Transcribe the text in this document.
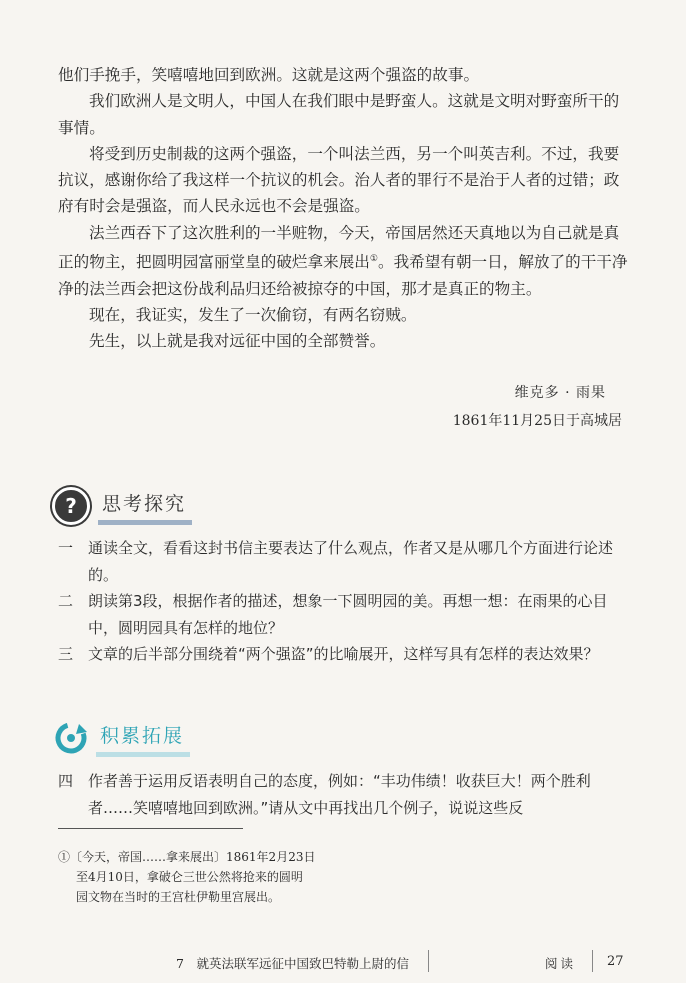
他们手挽手，笑嘻嘻地回到欧洲。这就是这两个强盗的故事。

我们欧洲人是文明人，中国人在我们眼中是野蛮人。这就是文明对野蛮所干的事情。

将受到历史制裁的这两个强盗，一个叫法兰西，另一个叫英吉利。不过，我要抗议，感谢你给了我这样一个抗议的机会。治人者的罪行不是治于人者的过错；政府有时会是强盗，而人民永远也不会是强盗。

法兰西吞下了这次胜利的一半赃物，今天，帝国居然还天真地以为自己就是真正的物主，把圆明园富丽堂皇的破烂拿来展出①。我希望有朝一日，解放了的干干净净的法兰西会把这份战利品归还给被掠夺的中国，那才是真正的物主。

现在，我证实，发生了一次偷窃，有两名窃贼。

先生，以上就是我对远征中国的全部赞誉。

维克多 · 雨果
1861年11月25日于高城居
?	思考探究
一 通读全文，看看这封书信主要表达了什么观点，作者又是从哪几个方面进行论述的。
二 朗读第3段，根据作者的描述，想象一下圆明园的美。再想一想：在雨果的心目中，圆明园具有怎样的地位？
三 文章的后半部分围绕着“两个强盗”的比喻展开，这样写具有怎样的表达效果？
积累拓展
四 作者善于运用反语表明自己的态度，例如：“丰功伟绩！收获巨大！两个胜利者……笑嘻嘻地回到欧洲。”请从文中再找出几个例子，说说这些反
①〔今天，帝国……拿来展出〕1861年2月23日
至4月10日，拿破仑三世公然将抢来的圆明
园文物在当时的王宫杜伊勒里宫展出。
7　就英法联军远征中国致巴特勒上尉的信	阅读 27
